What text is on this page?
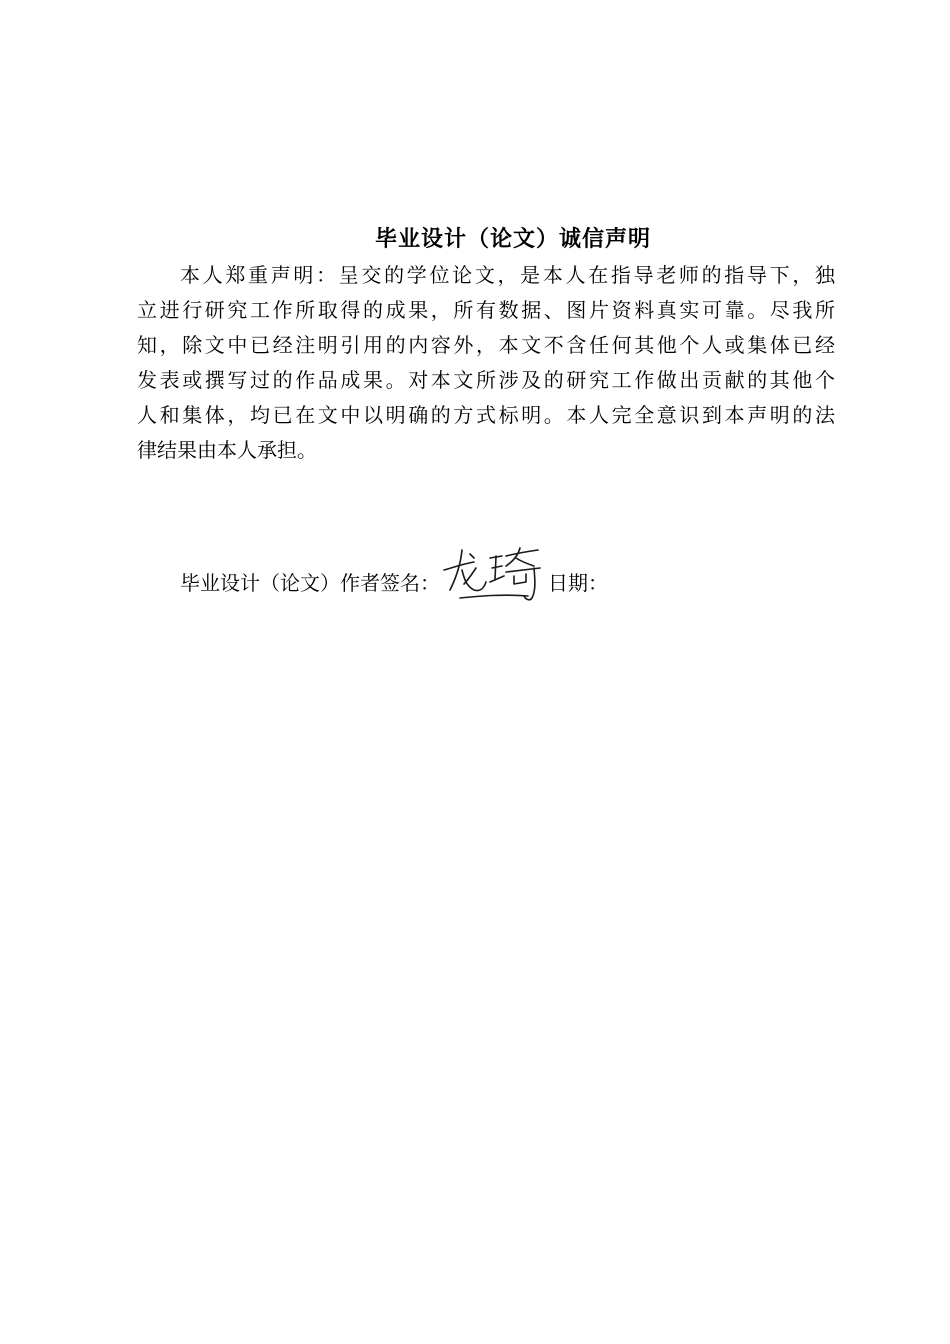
毕业设计（论文）诚信声明
本人郑重声明：呈交的学位论文，是本人在指导老师的指导下，独
立进行研究工作所取得的成果，所有数据、图片资料真实可靠。尽我所
知，除文中已经注明引用的内容外，本文不含任何其他个人或集体已经
发表或撰写过的作品成果。对本文所涉及的研究工作做出贡献的其他个
人和集体，均已在文中以明确的方式标明。本人完全意识到本声明的法
律结果由本人承担。
毕业设计（论文）作者签名：	日期：
